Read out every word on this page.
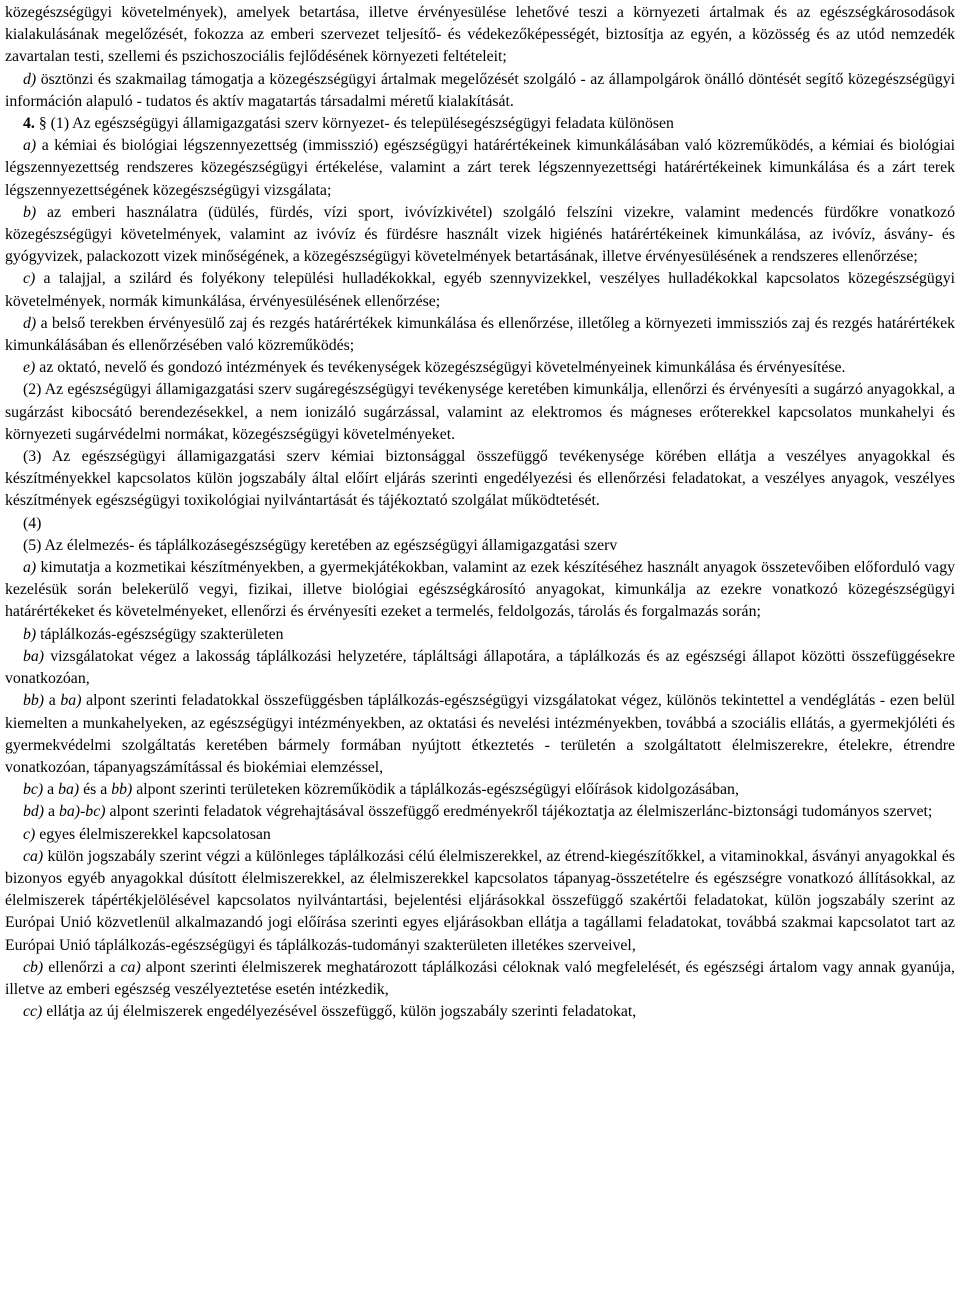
közegészségügyi követelmények), amelyek betartása, illetve érvényesülése lehetővé teszi a környezeti ártalmak és az egészségkárosodások kialakulásának megelőzését, fokozza az emberi szervezet teljesítő- és védekezőképességét, biztosítja az egyén, a közösség és az utód nemzedék zavartalan testi, szellemi és pszichoszociális fejlődésének környezeti feltételeit;

d) ösztönzi és szakmailag támogatja a közegészségügyi ártalmak megelőzését szolgáló - az állampolgárok önálló döntését segítő közegészségügyi információn alapuló - tudatos és aktív magatartás társadalmi méretű kialakítását.

4. § (1) Az egészségügyi államigazgatási szerv környezet- és településegészségügyi feladata különösen

a) a kémiai és biológiai légszennyezettség (immisszió) egészségügyi határértékeinek kimunkálásában való közreműködés, a kémiai és biológiai légszennyezettség rendszeres közegészségügyi értékelése, valamint a zárt terek légszennyezettségi határértékeinek kimunkálása és a zárt terek légszennyezettségének közegészségügyi vizsgálata;

b) az emberi használatra (üdülés, fürdés, vízi sport, ivóvízkivétel) szolgáló felszíni vizekre, valamint medencés fürdőkre vonatkozó közegészségügyi követelmények, valamint az ivóvíz és fürdésre használt vizek higiénés határértékeinek kimunkálása, az ivóvíz, ásvány- és gyógyvizek, palackozott vizek minőségének, a közegészségügyi követelmények betartásának, illetve érvényesülésének a rendszeres ellenőrzése;

c) a talajjal, a szilárd és folyékony települési hulladékokkal, egyéb szennyvizekkel, veszélyes hulladékokkal kapcsolatos közegészségügyi követelmények, normák kimunkálása, érvényesülésének ellenőrzése;

d) a belső terekben érvényesülő zaj és rezgés határértékek kimunkálása és ellenőrzése, illetőleg a környezeti immissziós zaj és rezgés határértékek kimunkálásában és ellenőrzésében való közreműködés;

e) az oktató, nevelő és gondozó intézmények és tevékenységek közegészségügyi követelményeinek kimunkálása és érvényesítése.

(2) Az egészségügyi államigazgatási szerv sugáregészségügyi tevékenysége keretében kimunkálja, ellenőrzi és érvényesíti a sugárzó anyagokkal, a sugárzást kibocsátó berendezésekkel, a nem ionizáló sugárzással, valamint az elektromos és mágneses erőterekkel kapcsolatos munkahelyi és környezeti sugárvédelmi normákat, közegészségügyi követelményeket.

(3) Az egészségügyi államigazgatási szerv kémiai biztonsággal összefüggő tevékenysége körében ellátja a veszélyes anyagokkal és készítményekkel kapcsolatos külön jogszabály által előírt eljárás szerinti engedélyezési és ellenőrzési feladatokat, a veszélyes anyagok, veszélyes készítmények egészségügyi toxikológiai nyilvántartását és tájékoztató szolgálat működtetését.

(4)

(5) Az élelmezés- és táplálkozásegészségügy keretében az egészségügyi államigazgatási szerv

a) kimutatja a kozmetikai készítményekben, a gyermekjátékokban, valamint az ezek készítéséhez használt anyagok összetevőiben előforduló vagy kezelésük során belekerülő vegyi, fizikai, illetve biológiai egészségkárosító anyagokat, kimunkálja az ezekre vonatkozó közegészségügyi határértékeket és követelményeket, ellenőrzi és érvényesíti ezeket a termelés, feldolgozás, tárolás és forgalmazás során;

b) táplálkozás-egészségügy szakterületen

ba) vizsgálatokat végez a lakosság táplálkozási helyzetére, tápláltsági állapotára, a táplálkozás és az egészségi állapot közötti összefüggésekre vonatkozóan,

bb) a ba) alpont szerinti feladatokkal összefüggésben táplálkozás-egészségügyi vizsgálatokat végez, különös tekintettel a vendéglátás - ezen belül kiemelten a munkahelyeken, az egészségügyi intézményekben, az oktatási és nevelési intézményekben, továbbá a szociális ellátás, a gyermekjóléti és gyermekvédelmi szolgáltatás keretében bármely formában nyújtott étkeztetés - területén a szolgáltatott élelmiszerekre, ételekre, étrendre vonatkozóan, tápanyagszámítással és biokémiai elemzéssel,

bc) a ba) és a bb) alpont szerinti területeken közreműködik a táplálkozás-egészségügyi előírások kidolgozásában,

bd) a ba)-bc) alpont szerinti feladatok végrehajtásával összefüggő eredményekről tájékoztatja az élelmiszerlánc-biztonsági tudományos szervet;

c) egyes élelmiszerekkel kapcsolatosan

ca) külön jogszabály szerint végzi a különleges táplálkozási célú élelmiszerekkel, az étrend-kiegészítőkkel, a vitaminokkal, ásványi anyagokkal és bizonyos egyéb anyagokkal dúsított élelmiszerekkel, az élelmiszerekkel kapcsolatos tápanyag-összetételre és egészségre vonatkozó állításokkal, az élelmiszerek tápértékjelölésével kapcsolatos nyilvántartási, bejelentési eljárásokkal összefüggő szakértői feladatokat, külön jogszabály szerint az Európai Unió közvetlenül alkalmazandó jogi előírása szerinti egyes eljárásokban ellátja a tagállami feladatokat, továbbá szakmai kapcsolatot tart az Európai Unió táplálkozás-egészségügyi és táplálkozás-tudományi szakterületen illetékes szerveivel,

cb) ellenőrzi a ca) alpont szerinti élelmiszerek meghatározott táplálkozási céloknak való megfelelését, és egészségi ártalom vagy annak gyanúja, illetve az emberi egészség veszélyeztetése esetén intézkedik,

cc) ellátja az új élelmiszerek engedélyezésével összefüggő, külön jogszabály szerinti feladatokat,
